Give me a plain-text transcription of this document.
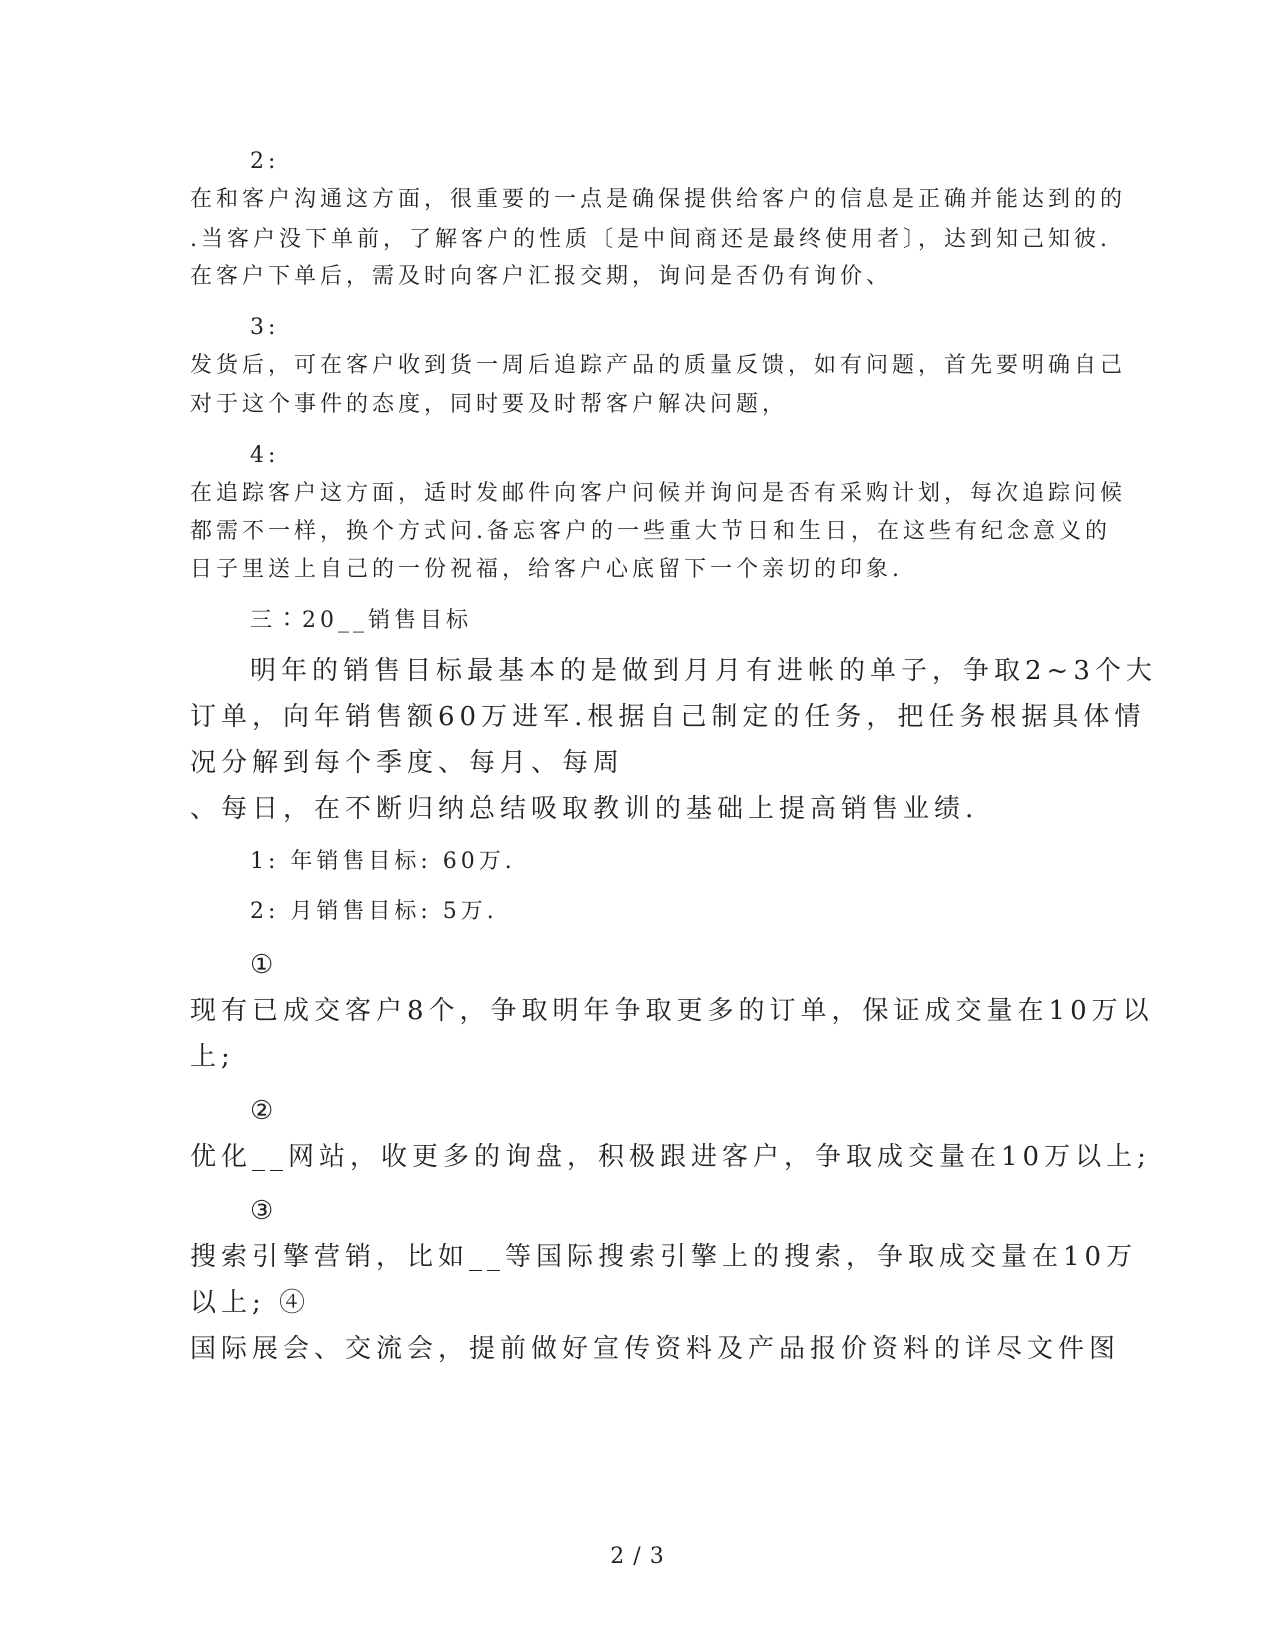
2:
在和客户沟通这方面，很重要的一点是确保提供给客户的信息是正确并能达到的的
.当客户没下单前，了解客户的性质〔是中间商还是最终使用者〕，达到知己知彼.
在客户下单后，需及时向客户汇报交期，询问是否仍有询价、
3:
发货后，可在客户收到货一周后追踪产品的质量反馈，如有问题，首先要明确自己
对于这个事件的态度，同时要及时帮客户解决问题，
4:
在追踪客户这方面，适时发邮件向客户问候并询问是否有采购计划，每次追踪问候
都需不一样，换个方式问.备忘客户的一些重大节日和生日，在这些有纪念意义的
日子里送上自己的一份祝福，给客户心底留下一个亲切的印象.
三∶20__销售目标
明年的销售目标最基本的是做到月月有进帐的单子，争取2~3个大
订单，向年销售额60万进军.根据自己制定的任务，把任务根据具体情
况分解到每个季度、每月、每周
、每日，在不断归纳总结吸取教训的基础上提高销售业绩.
1: 年销售目标: 60万.
2: 月销售目标: 5万.
①
现有已成交客户8个，争取明年争取更多的订单，保证成交量在10万以
上;
②
优化__网站，收更多的询盘，积极跟进客户，争取成交量在10万以上;
③
搜索引擎营销，比如__等国际搜索引擎上的搜索，争取成交量在10万
以上; ④
国际展会、交流会，提前做好宣传资料及产品报价资料的详尽文件图
2 / 3
